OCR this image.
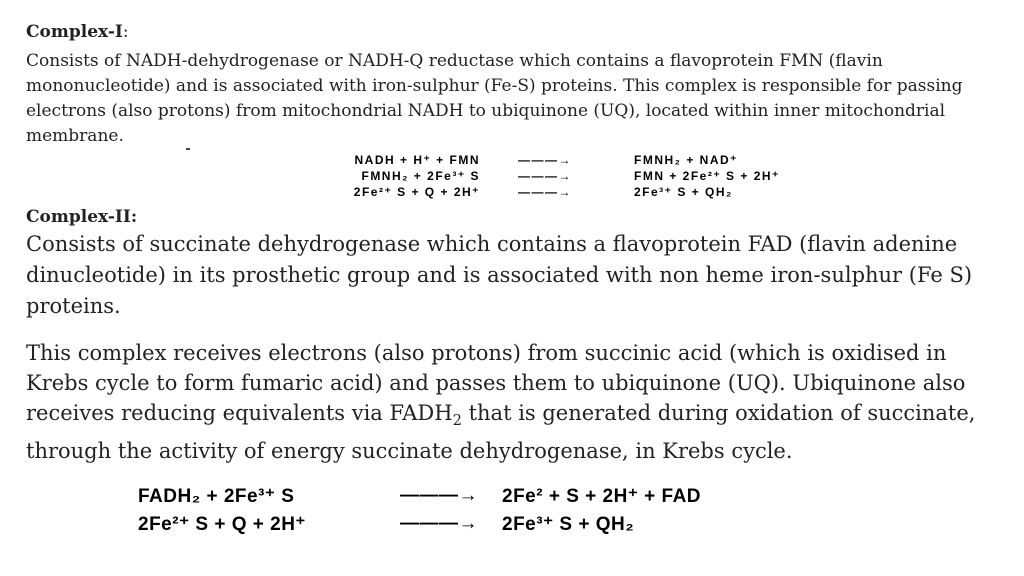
Complex-I:
Consists of NADH-dehydrogenase or NADH-Q reductase which contains a flavoprotein FMN (flavin mononucleotide) and is associated with iron-sulphur (Fe-S) proteins. This complex is responsible for passing electrons (also protons) from mitochondrial NADH to ubiquinone (UQ), located within inner mitochondrial membrane.
NADH + H⁺ + FMN	———→	FMNH₂ + NAD⁺
FMNH₂ + 2Fe³⁺ S	———→	FMN + 2Fe²⁺ S + 2H⁺
2Fe²⁺ S + Q + 2H⁺	———→	2Fe³⁺ S + QH₂
Complex-II:
Consists of succinate dehydrogenase which contains a flavoprotein FAD (flavin adenine dinucleotide) in its prosthetic group and is associated with non heme iron-sulphur (Fe S) proteins.
This complex receives electrons (also protons) from succinic acid (which is oxidised in Krebs cycle to form fumaric acid) and passes them to ubiquinone (UQ). Ubiquinone also receives reducing equivalents via $FADH_2$ that is generated during oxidation of succinate, through the activity of energy succinate dehydrogenase, in Krebs cycle.
FADH₂ + 2Fe³⁺ S	———→ 2Fe² + S + 2H⁺ + FAD
2Fe²⁺ S + Q + 2H⁺	———→ 2Fe³⁺ S + QH₂
